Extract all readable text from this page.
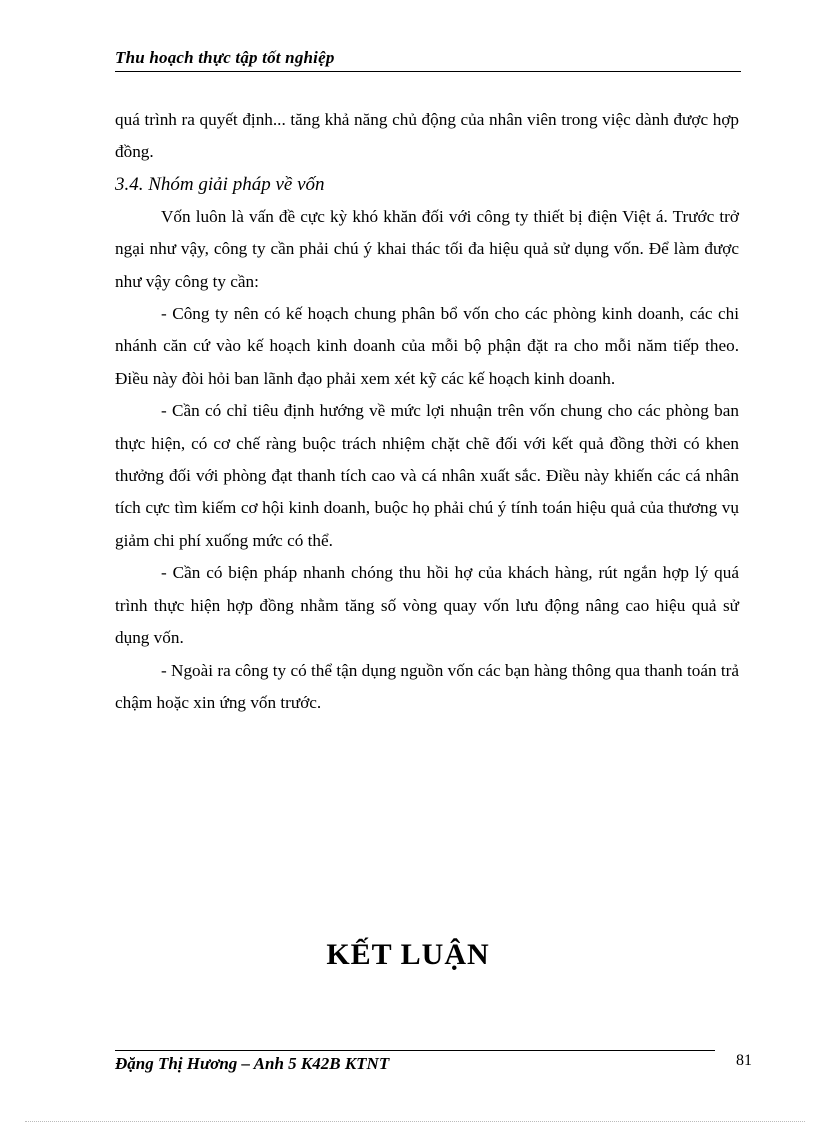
Thu hoạch thực tập tốt nghiệp

quá trình ra quyết định... tăng khả năng chủ động của nhân viên trong việc dành được hợp đồng.

3.4. Nhóm giải pháp về vốn

Vốn luôn là vấn đề cực kỳ khó khăn đối với công ty thiết bị điện Việt á. Trước trở ngại như vậy, công ty cần phải chú ý khai thác tối đa hiệu quả sử dụng vốn. Để làm được như vậy công ty cần:

- Công ty nên có kế hoạch chung phân bổ vốn cho các phòng kinh doanh, các chi nhánh căn cứ vào kế hoạch kinh doanh của mỗi bộ phận đặt ra cho mỗi năm tiếp theo. Điều này đòi hỏi ban lãnh đạo phải xem xét kỹ các kế hoạch kinh doanh.

- Cần có chỉ tiêu định hướng về mức lợi nhuận trên vốn chung cho các phòng ban thực hiện, có cơ chế ràng buộc trách nhiệm chặt chẽ đối với kết quả đồng thời có khen thưởng đối với phòng đạt thanh tích cao và cá nhân xuất sắc. Điều này khiến các cá nhân tích cực tìm kiếm cơ hội kinh doanh, buộc họ phải chú ý tính toán hiệu quả của thương vụ giảm chi phí xuống mức có thể.

- Cần có biện pháp nhanh chóng thu hồi hợ của khách hàng, rút ngắn hợp lý quá trình thực hiện hợp đồng nhằm tăng số vòng quay vốn lưu động nâng cao hiệu quả sử dụng vốn.

- Ngoài ra công ty có thể tận dụng nguồn vốn các bạn hàng thông qua thanh toán trả chậm hoặc xin ứng vốn trước.

KẾT LUẬN
Đặng Thị Hương – Anh 5 K42B KTNT	81
